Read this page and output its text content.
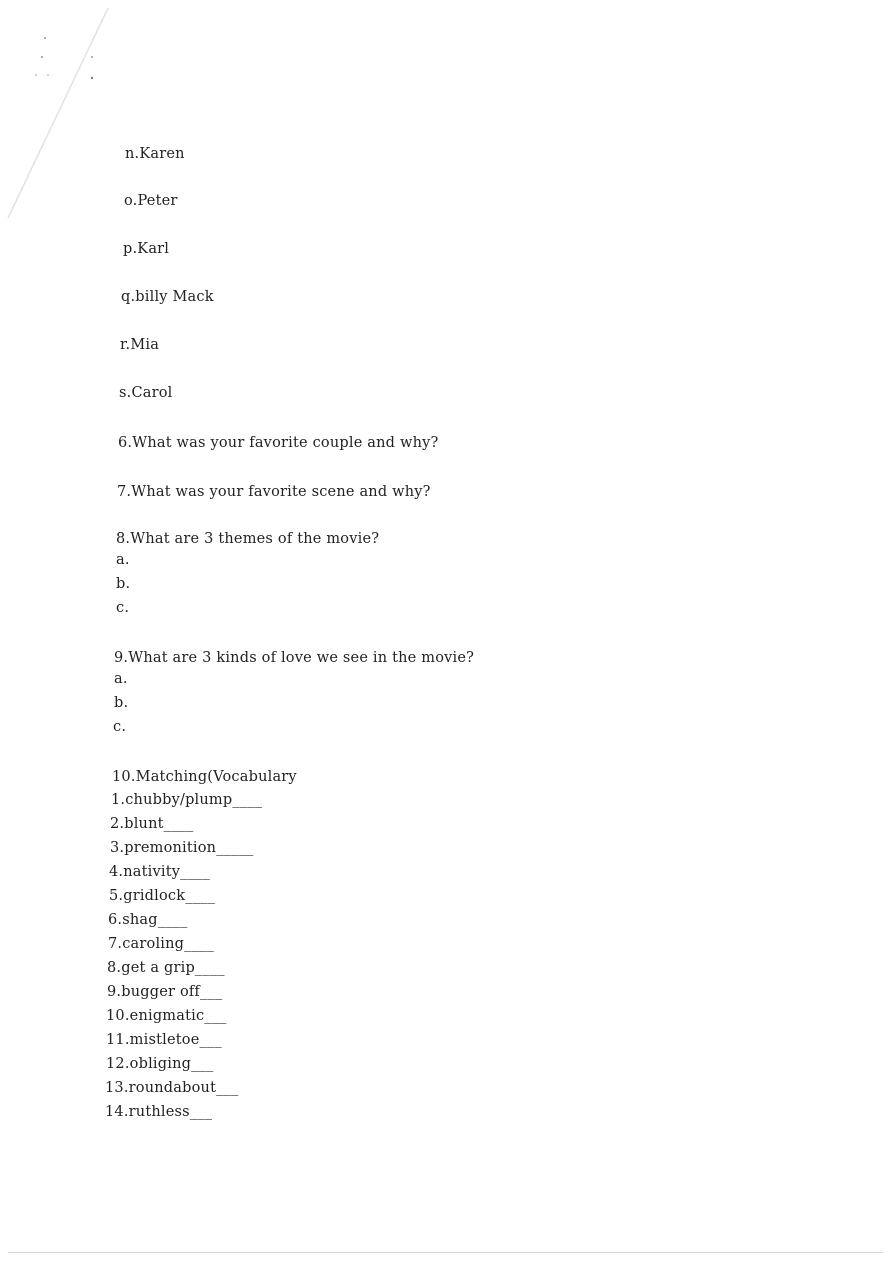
n.Karen
o.Peter
p.Karl
q.billy Mack
r.Mia
s.Carol
6.What was your favorite couple and why?
7.What was your favorite scene and why?
8.What are 3 themes of the movie?
a.
b.
c.
9.What are 3 kinds of love we see in the movie?
a.
b.
c.
10.Matching(Vocabulary
1.chubby/plump____
2.blunt____
3.premonition_____
4.nativity____
5.gridlock____
6.shag____
7.caroling____
8.get a grip____
9.bugger off___
10.enigmatic___
11.mistletoe___
12.obliging___
13.roundabout___
14.ruthless___
